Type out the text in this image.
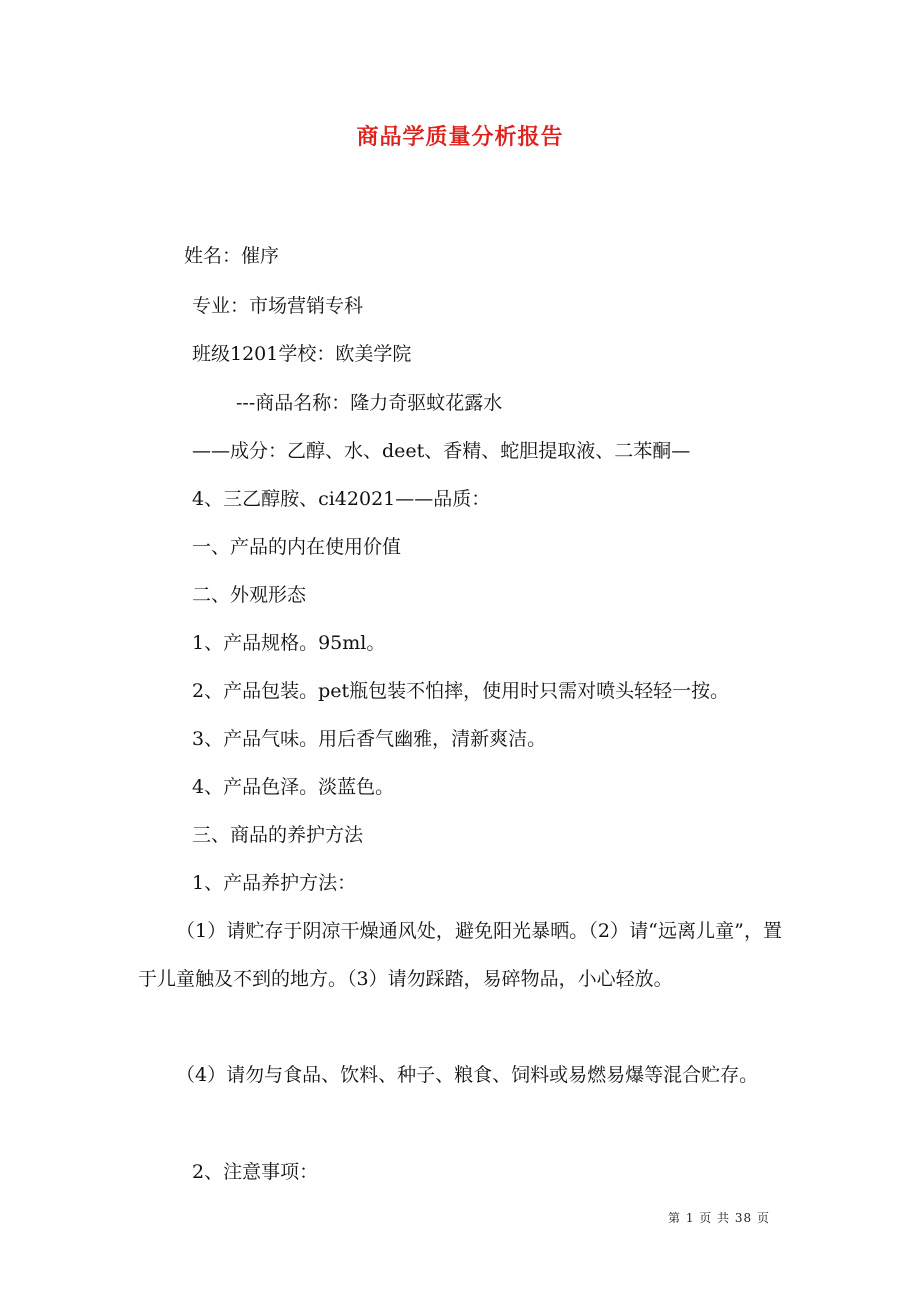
商品学质量分析报告
姓名：催序
专业：市场营销专科
班级1201学校：欧美学院
---商品名称：隆力奇驱蚊花露水
——成分：乙醇、水、deet、香精、蛇胆提取液、二苯酮—
4、三乙醇胺、ci42021——品质：
一、产品的内在使用价值
二、外观形态
1、产品规格。95ml。
2、产品包装。pet瓶包装不怕摔，使用时只需对喷头轻轻一按。
3、产品气味。用后香气幽雅，清新爽洁。
4、产品色泽。淡蓝色。
三、商品的养护方法
1、产品养护方法：
（1）请贮存于阴凉干燥通风处，避免阳光暴晒。（2）请“远离儿童”，置于儿童触及不到的地方。（3）请勿踩踏，易碎物品，小心轻放。
（4）请勿与食品、饮料、种子、粮食、饲料或易燃易爆等混合贮存。
2、注意事项：
第 1 页 共 38 页
